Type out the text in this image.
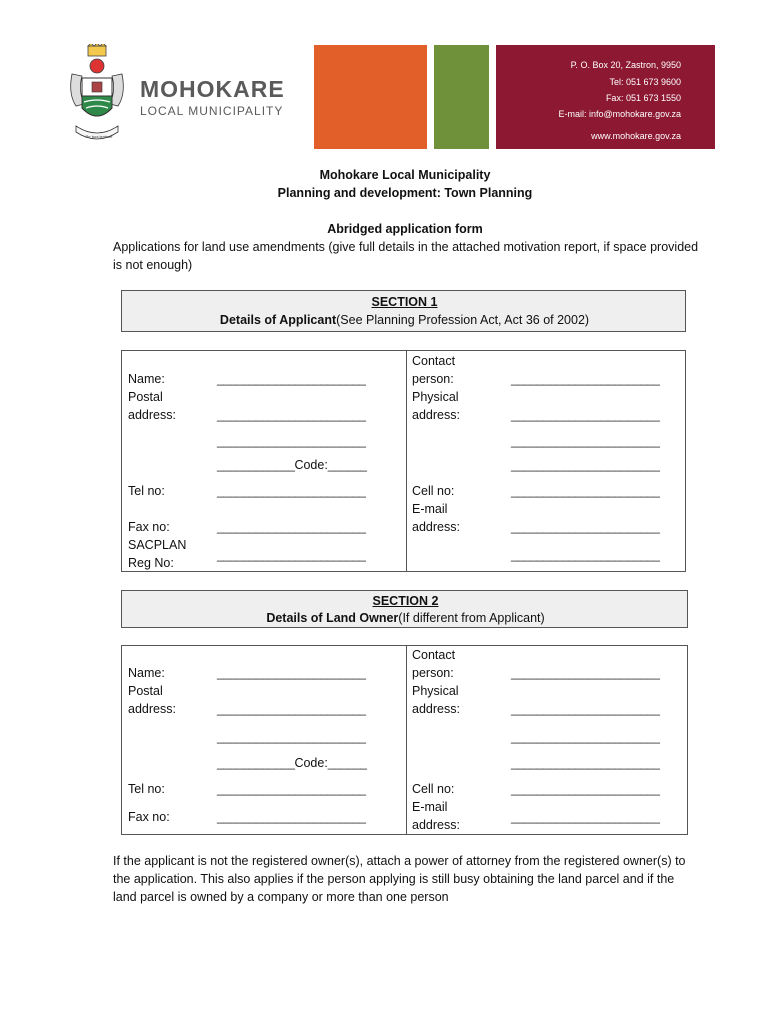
Re bua lentsoe
MOHOKARE
LOCAL MUNICIPALITY
P. O. Box 20, Zastron, 9950
Tel: 051 673 9600
Fax: 051 673 1550
E-mail: info@mohokare.gov.za
www.mohokare.gov.za
Mohokare Local Municipality
Planning and development: Town Planning
Abridged application form
Applications for land use amendments (give full details in the attached motivation report, if space provided
is not enough)
SECTION 1
Details of Applicant(See Planning Profession Act, Act 36 of 2002)
Name:
Postal
address:
Tel no:
Fax no:
SACPLAN
Reg No:
_______________________
_______________________
_______________________
____________Code:______
_______________________
_______________________
_______________________
Contact
person:
Physical
address:
Cell no:
E-mail
address:
_______________________
_______________________
_______________________
_______________________
_______________________
_______________________
_______________________
SECTION 2
Details of Land Owner(If different from Applicant)
Name:
Postal
address:
Tel no:
Fax no:
_______________________
_______________________
_______________________
____________Code:______
_______________________
_______________________
Contact
person:
Physical
address:
Cell no:
E-mail
address:
_______________________
_______________________
_______________________
_______________________
_______________________
_______________________
If the applicant is not the registered owner(s), attach a power of attorney from the registered owner(s) to
the application. This also applies if the person applying is still busy obtaining the land parcel and if the
land parcel is owned by a company or more than one person
